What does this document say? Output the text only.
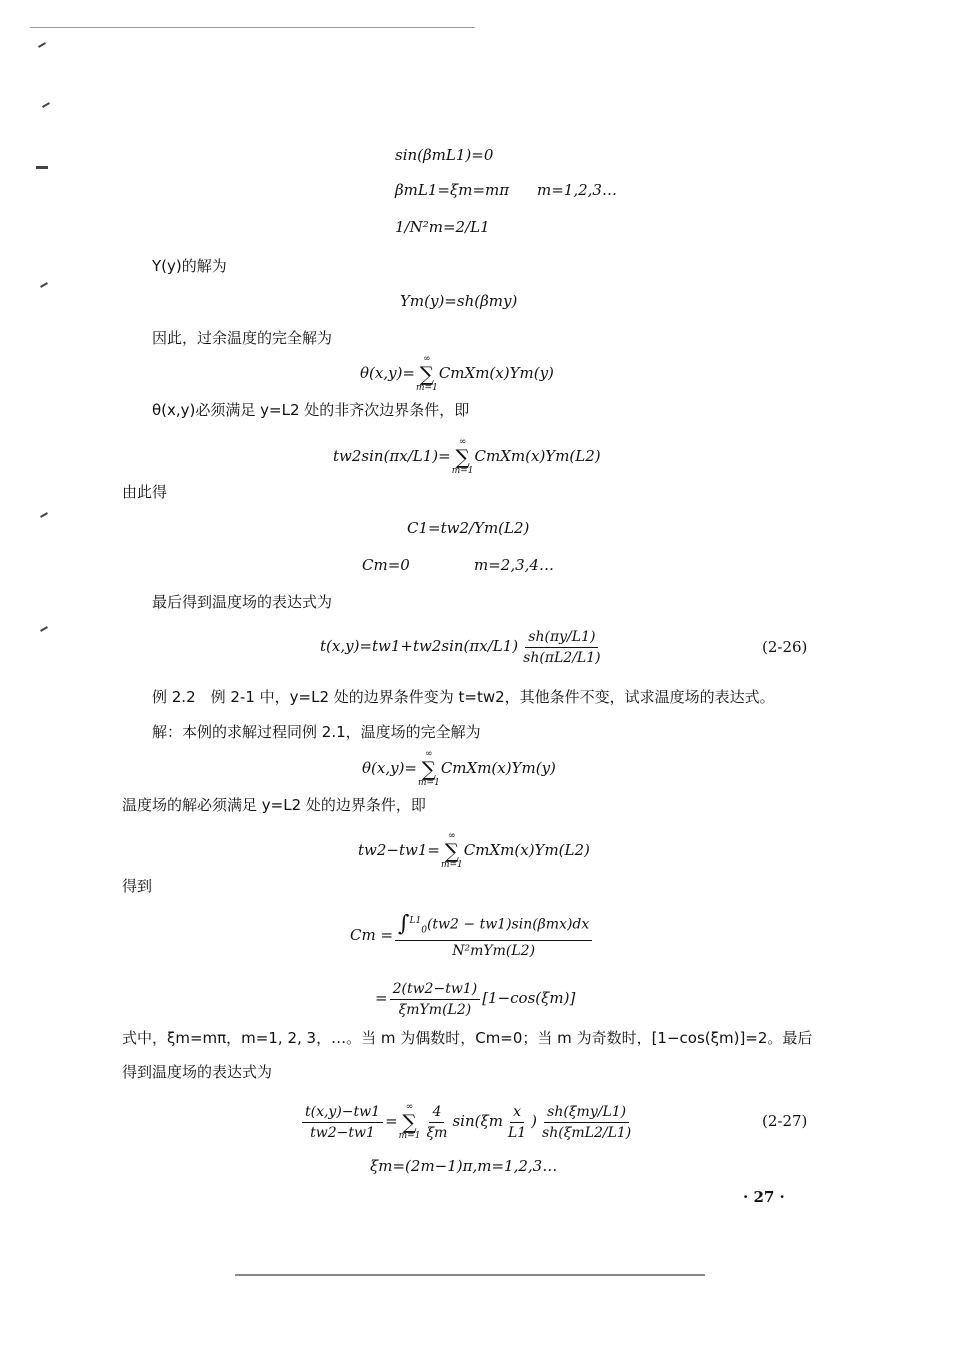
sin(βmL1)=0
βmL1=ξm=mπ m=1,2,3…
1/N²m=2/L1
Y(y)的解为
Ym(y)=sh(βmy)
因此，过余温度的完全解为
θ(x,y)=
∞
∑
m=1
CmXm(x)Ym(y)
θ(x,y)必须满足 y=L2 处的非齐次边界条件，即
tw2sin(πx/L1)=
∞
∑
m=1
CmXm(x)Ym(L2)
由此得
C1=tw2/Ym(L2)
Cm=0	m=2,3,4…
最后得到温度场的表达式为
$t(x,y)=tw1+tw2\sin(\pi x/L1) \frac{sh(\pi y/L1)}{sh(\pi L2/L1)}$	(2-26)
例 2.2　例 2-1 中，y=L2 处的边界条件变为 t=tw2，其他条件不变，试求温度场的表达式。
解：本例的求解过程同例 2.1，温度场的完全解为
θ(x,y)=
∞
∑
m=1
CmXm(x)Ym(y)
温度场的解必须满足 y=L2 处的边界条件，即
tw2−tw1=
∞
∑
m=1
CmXm(x)Ym(L2)
得到
$Cm = \frac{\int^{L1}_0(tw2 - tw1)\sin(\beta mx)dx}{\text{N²mYm(L2)}}$
= $\frac{2(tw2-tw1)}{\text{ξmYm(L2)}} [1-\cos(\xi m)]$
式中，ξm=mπ，m=1, 2, 3，…。当 m 为偶数时，Cm=0；当 m 为奇数时，[1−cos(ξm)]=2。最后
得到温度场的表达式为
$\frac{t(x,y)-tw1}{tw2-tw1}$ =
∞
∑
$m=1 \frac{4}{\xi m} \sin(\xi m \frac{x}{L1}$ ) $\frac{\text{sh(ξmy/L1)}}{\text{sh(ξmL2/L1)}}$	(2-27)
ξm=(2m−1)π,m=1,2,3…
· 27 ·
